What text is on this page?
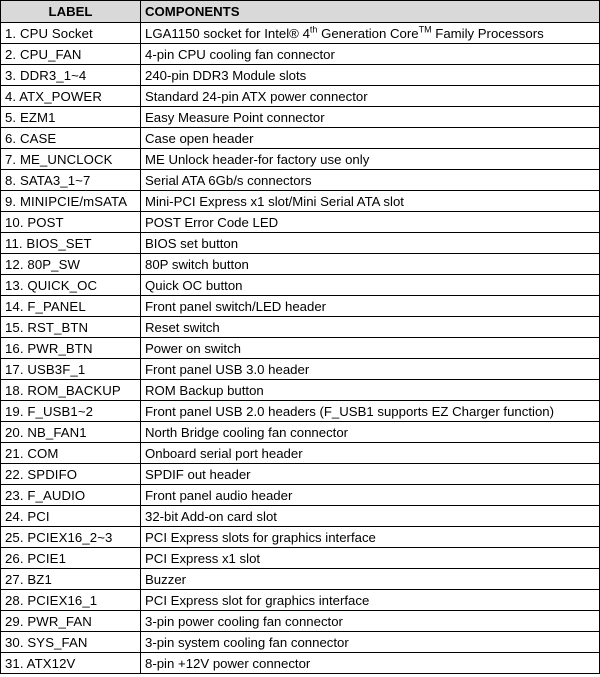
LABEL	COMPONENTS
1. CPU Socket	LGA1150 socket for Intel® 4th Generation Core™ Family Processors
2. CPU_FAN	4-pin CPU cooling fan connector
3. DDR3_1~4	240-pin DDR3 Module slots
4. ATX_POWER	Standard 24-pin ATX power connector
5. EZM1	Easy Measure Point connector
6. CASE	Case open header
7. ME_UNCLOCK	ME Unlock header-for factory use only
8. SATA3_1~7	Serial ATA 6Gb/s connectors
9. MINIPCIE/mSATA	Mini-PCI Express x1 slot/Mini Serial ATA slot
10. POST	POST Error Code LED
11. BIOS_SET	BIOS set button
12. 80P_SW	80P switch button
13. QUICK_OC	Quick OC button
14. F_PANEL	Front panel switch/LED header
15. RST_BTN	Reset switch
16. PWR_BTN	Power on switch
17. USB3F_1	Front panel USB 3.0 header
18. ROM_BACKUP	ROM Backup button
19. F_USB1~2	Front panel USB 2.0 headers (F_USB1 supports EZ Charger function)
20. NB_FAN1	North Bridge cooling fan connector
21. COM	Onboard serial port header
22. SPDIFO	SPDIF out header
23. F_AUDIO	Front panel audio header
24. PCI	32-bit Add-on card slot
25. PCIEX16_2~3	PCI Express slots for graphics interface
26. PCIE1	PCI Express x1 slot
27. BZ1	Buzzer
28. PCIEX16_1	PCI Express slot for graphics interface
29. PWR_FAN	3-pin power cooling fan connector
30. SYS_FAN	3-pin system cooling fan connector
31. ATX12V	8-pin +12V power connector
